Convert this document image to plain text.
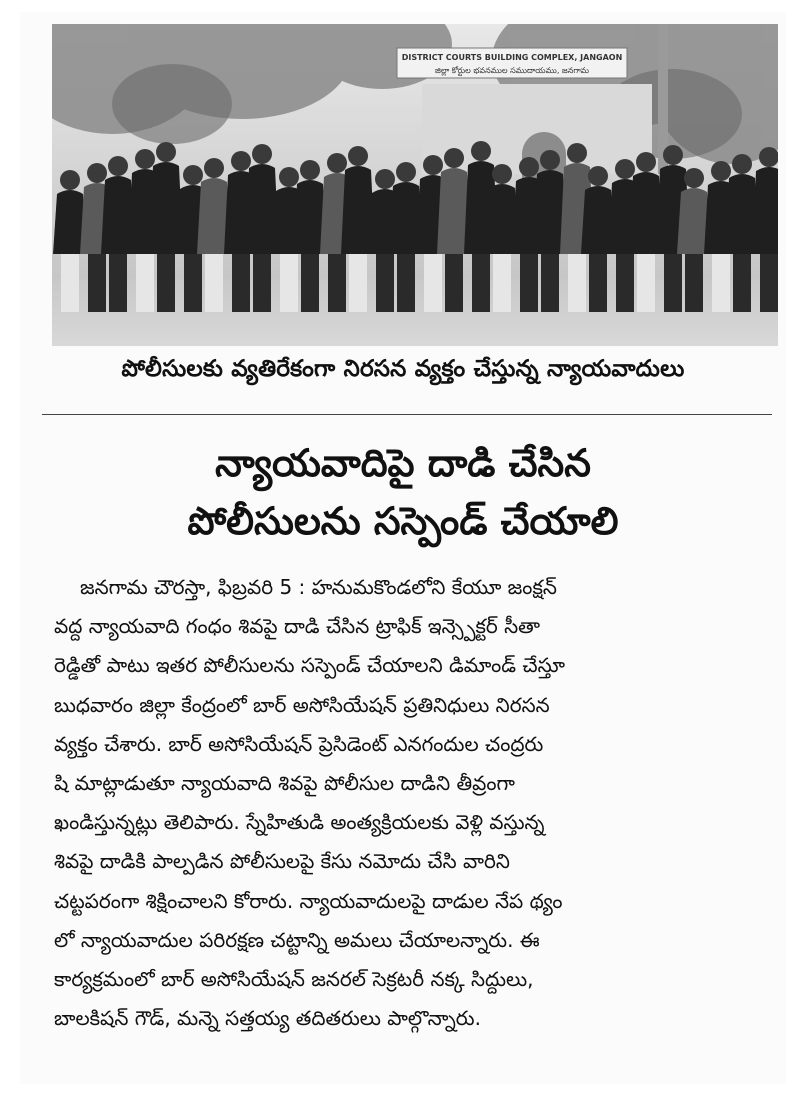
DISTRICT COURTS BUILDING COMPLEX, JANGAON
జిల్లా కోర్టుల భవనముల సముదాయము, జనగామ
పోలీసులకు వ్యతిరేకంగా నిరసన వ్యక్తం చేస్తున్న న్యాయవాదులు
న్యాయవాదిపై దాడి చేసిన
పోలీసులను సస్పెండ్ చేయాలి
జనగామ చౌరస్తా, ఫిబ్రవరి 5 : హనుమకొండలోని కేయూ జంక్షన్
వద్ద న్యాయవాది గంధం శివపై దాడి చేసిన ట్రాఫిక్ ఇన్స్పెక్టర్ సీతా
రెడ్డితో పాటు ఇతర పోలీసులను సస్పెండ్ చేయాలని డిమాండ్ చేస్తూ
బుధవారం జిల్లా కేంద్రంలో బార్ అసోసియేషన్ ప్రతినిధులు నిరసన
వ్యక్తం చేశారు. బార్ అసోసియేషన్ ప్రెసిడెంట్ ఎనగందుల చంద్రరు
షి మాట్లాడుతూ న్యాయవాది శివపై పోలీసుల దాడిని తీవ్రంగా
ఖండిస్తున్నట్లు తెలిపారు. స్నేహితుడి అంత్యక్రియలకు వెళ్లి వస్తున్న
శివపై దాడికి పాల్పడిన పోలీసులపై కేసు నమోదు చేసి వారిని
చట్టపరంగా శిక్షించాలని కోరారు. న్యాయవాదులపై దాడుల నేప థ్యం
లో న్యాయవాదుల పరిరక్షణ చట్టాన్ని అమలు చేయాలన్నారు. ఈ
కార్యక్రమంలో బార్ అసోసియేషన్ జనరల్ సెక్రటరీ నక్క సిద్దులు,
బాలకిషన్ గౌడ్, మన్నె సత్తయ్య తదితరులు పాల్గొన్నారు.
